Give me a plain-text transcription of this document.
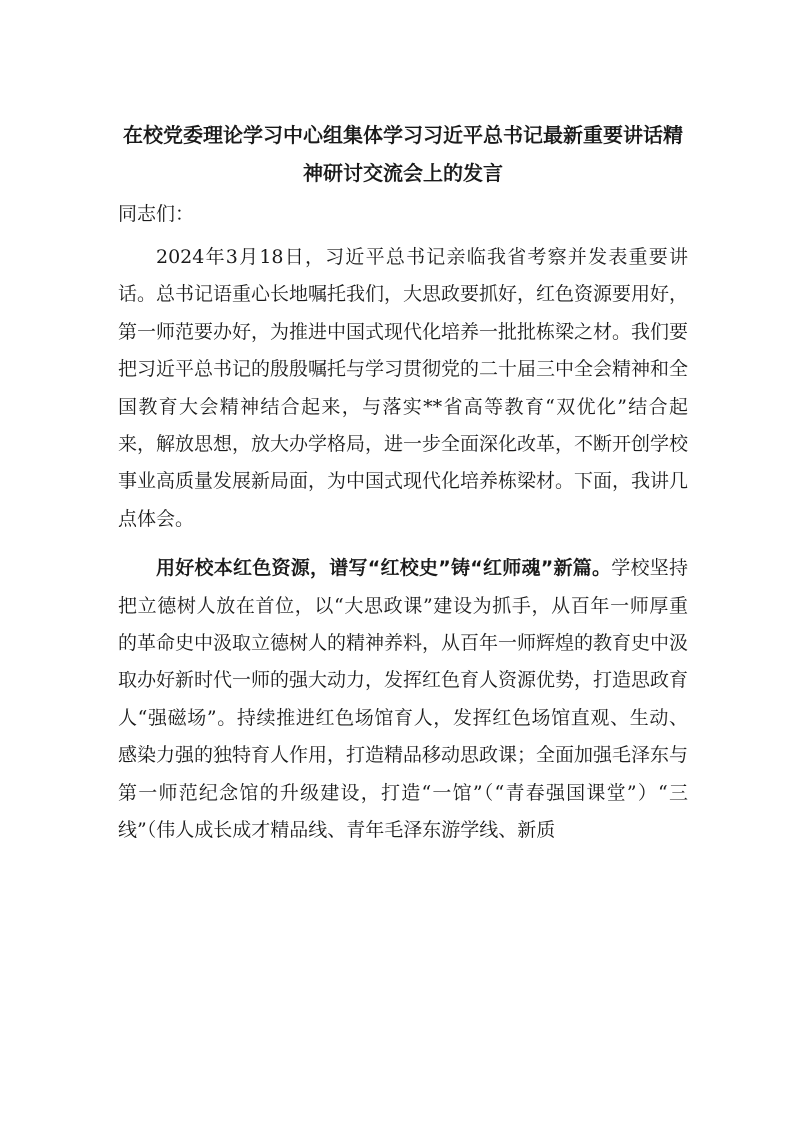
在校党委理论学习中心组集体学习习近平总书记最新重要讲话精神研讨交流会上的发言

同志们：

2024年3月18日，习近平总书记亲临我省考察并发表重要讲话。总书记语重心长地嘱托我们，大思政要抓好，红色资源要用好，第一师范要办好，为推进中国式现代化培养一批批栋梁之材。我们要把习近平总书记的殷殷嘱托与学习贯彻党的二十届三中全会精神和全国教育大会精神结合起来，与落实**省高等教育“双优化”结合起来，解放思想，放大办学格局，进一步全面深化改革，不断开创学校事业高质量发展新局面，为中国式现代化培养栋梁材。下面，我讲几点体会。

用好校本红色资源，谱写“红校史”铸“红师魂”新篇。学校坚持把立德树人放在首位，以“大思政课”建设为抓手，从百年一师厚重的革命史中汲取立德树人的精神养料，从百年一师辉煌的教育史中汲取办好新时代一师的强大动力，发挥红色育人资源优势，打造思政育人“强磁场”。持续推进红色场馆育人，发挥红色场馆直观、生动、感染力强的独特育人作用，打造精品移动思政课；全面加强毛泽东与第一师范纪念馆的升级建设，打造“一馆”（“青春强国课堂”）“三线”（伟人成长成才精品线、青年毛泽东游学线、新质
